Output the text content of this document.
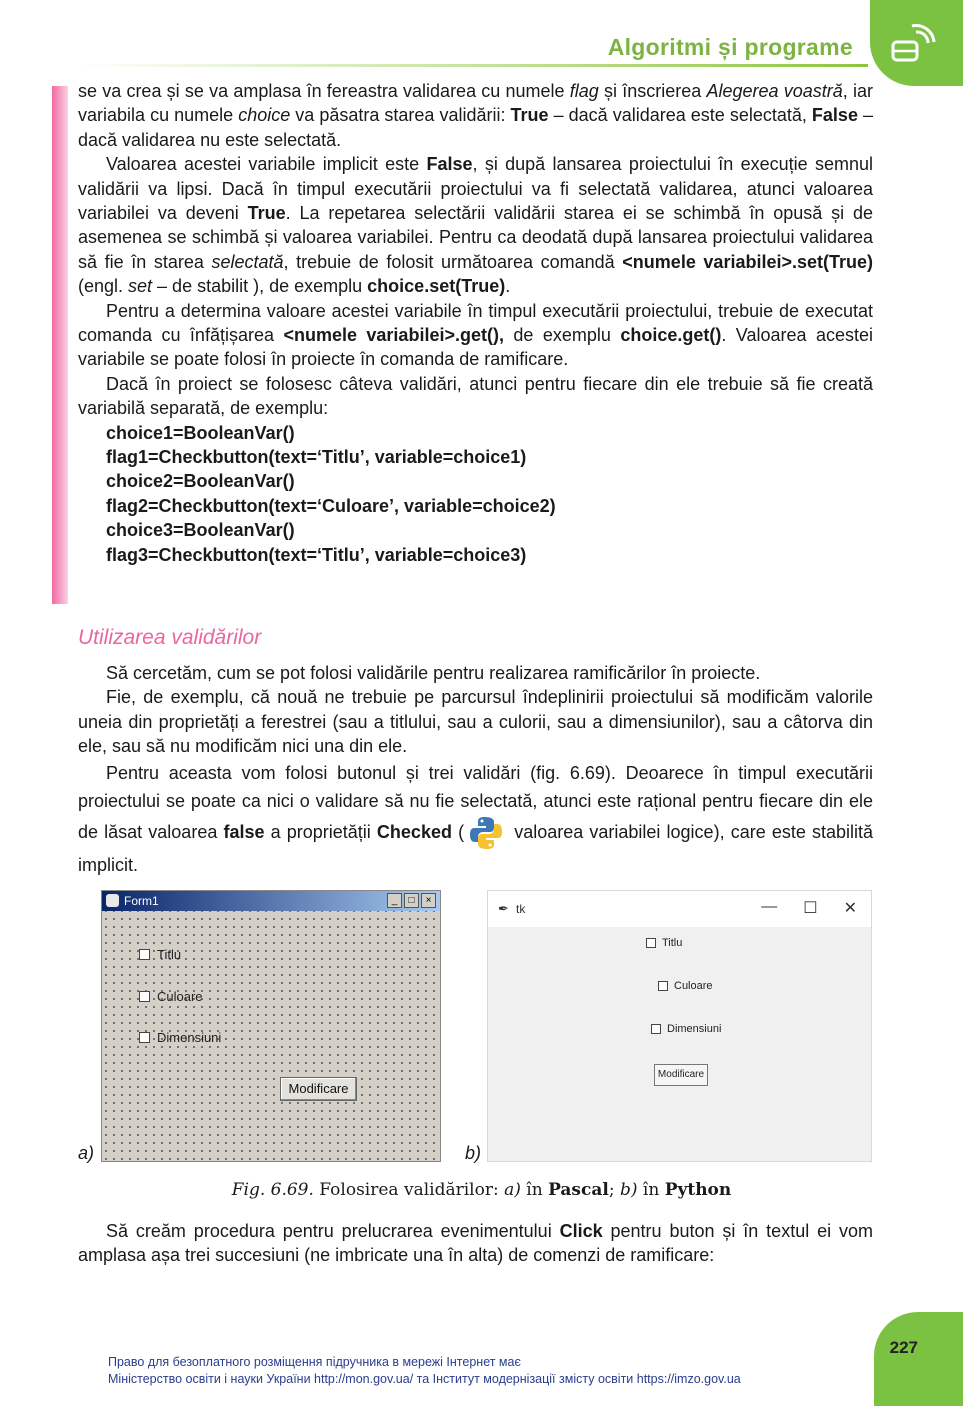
Algoritmi și programe

se va crea și se va amplasa în fereastra validarea cu numele flag și înscrierea Alegerea voastră, iar variabila cu numele choice va păsatra starea validării: True – dacă validarea este selectată, False – dacă validarea nu este selectată.

Valoarea acestei variabile implicit este False, și după lansarea proiectului în execuție semnul validării va lipsi. Dacă în timpul executării proiectului va fi selectată validarea, atunci valoarea variabilei va deveni True. La repetarea selectării validării starea ei se schimbă în opusă și de asemenea se schimbă și valoarea variabilei. Pentru ca deodată după lansarea proiectului validarea să fie în starea selectată, trebuie de folosit următoarea comandă <numele variabilei>.set(True) (engl. set – de stabilit ), de exemplu choice.set(True).

Pentru a determina valoare acestei variabile în timpul executării proiectului, trebuie de executat comanda cu înfățișarea <numele variabilei>.get(), de exemplu choice.get(). Valoarea acestei variabile se poate folosi în proiecte în comanda de ramificare.

Dacă în proiect se folosesc câteva validări, atunci pentru fiecare din ele trebuie să fie creată variabilă separată, de exemplu:

choice1=BooleanVar()
flag1=Checkbutton(text=‘Titlu’, variable=choice1)
choice2=BooleanVar()
flag2=Checkbutton(text=‘Culoare’, variable=choice2)
choice3=BooleanVar()
flag3=Checkbutton(text=‘Titlu’, variable=choice3)
Utilizarea validărilor

Să cercetăm, cum se pot folosi validările pentru realizarea ramificărilor în proiecte.

Fie, de exemplu, că nouă ne trebuie pe parcursul îndeplinirii proiectului să modificăm valorile uneia din proprietăți a ferestrei (sau a titlului, sau a culorii, sau a dimensiunilor), sau a câtorva din ele, sau să nu modificăm nici una din ele.

Pentru aceasta vom folosi butonul și trei validări (fig. 6.69). Deoarece în timpul executării proiectului se poate ca nici o validare să nu fie selectată, atunci este rațional pentru fiecare din ele de lăsat valoarea false a proprietății Checked ( valoarea variabilei logice), care este stabilită implicit.

a)
Form1	_	□	×
Titlu
Culoare
Dimensiuni
Modificare
b)
✒ tk	— ☐ ✕
Titlu
Culoare
Dimensiuni
Modificare
Fig. 6.69. Folosirea validărilor: a) în Pascal; b) în Python

Să creăm procedura pentru prelucrarea evenimentului Click pentru buton și în textul ei vom amplasa așa trei succesiuni (ne imbricate una în alta) de comenzi de ramificare:

227
Право для безоплатного розміщення підручника в мережі Інтернет має
Міністерство освіти і науки України http://mon.gov.ua/ та Інститут модернізації змісту освіти https://imzo.gov.ua
